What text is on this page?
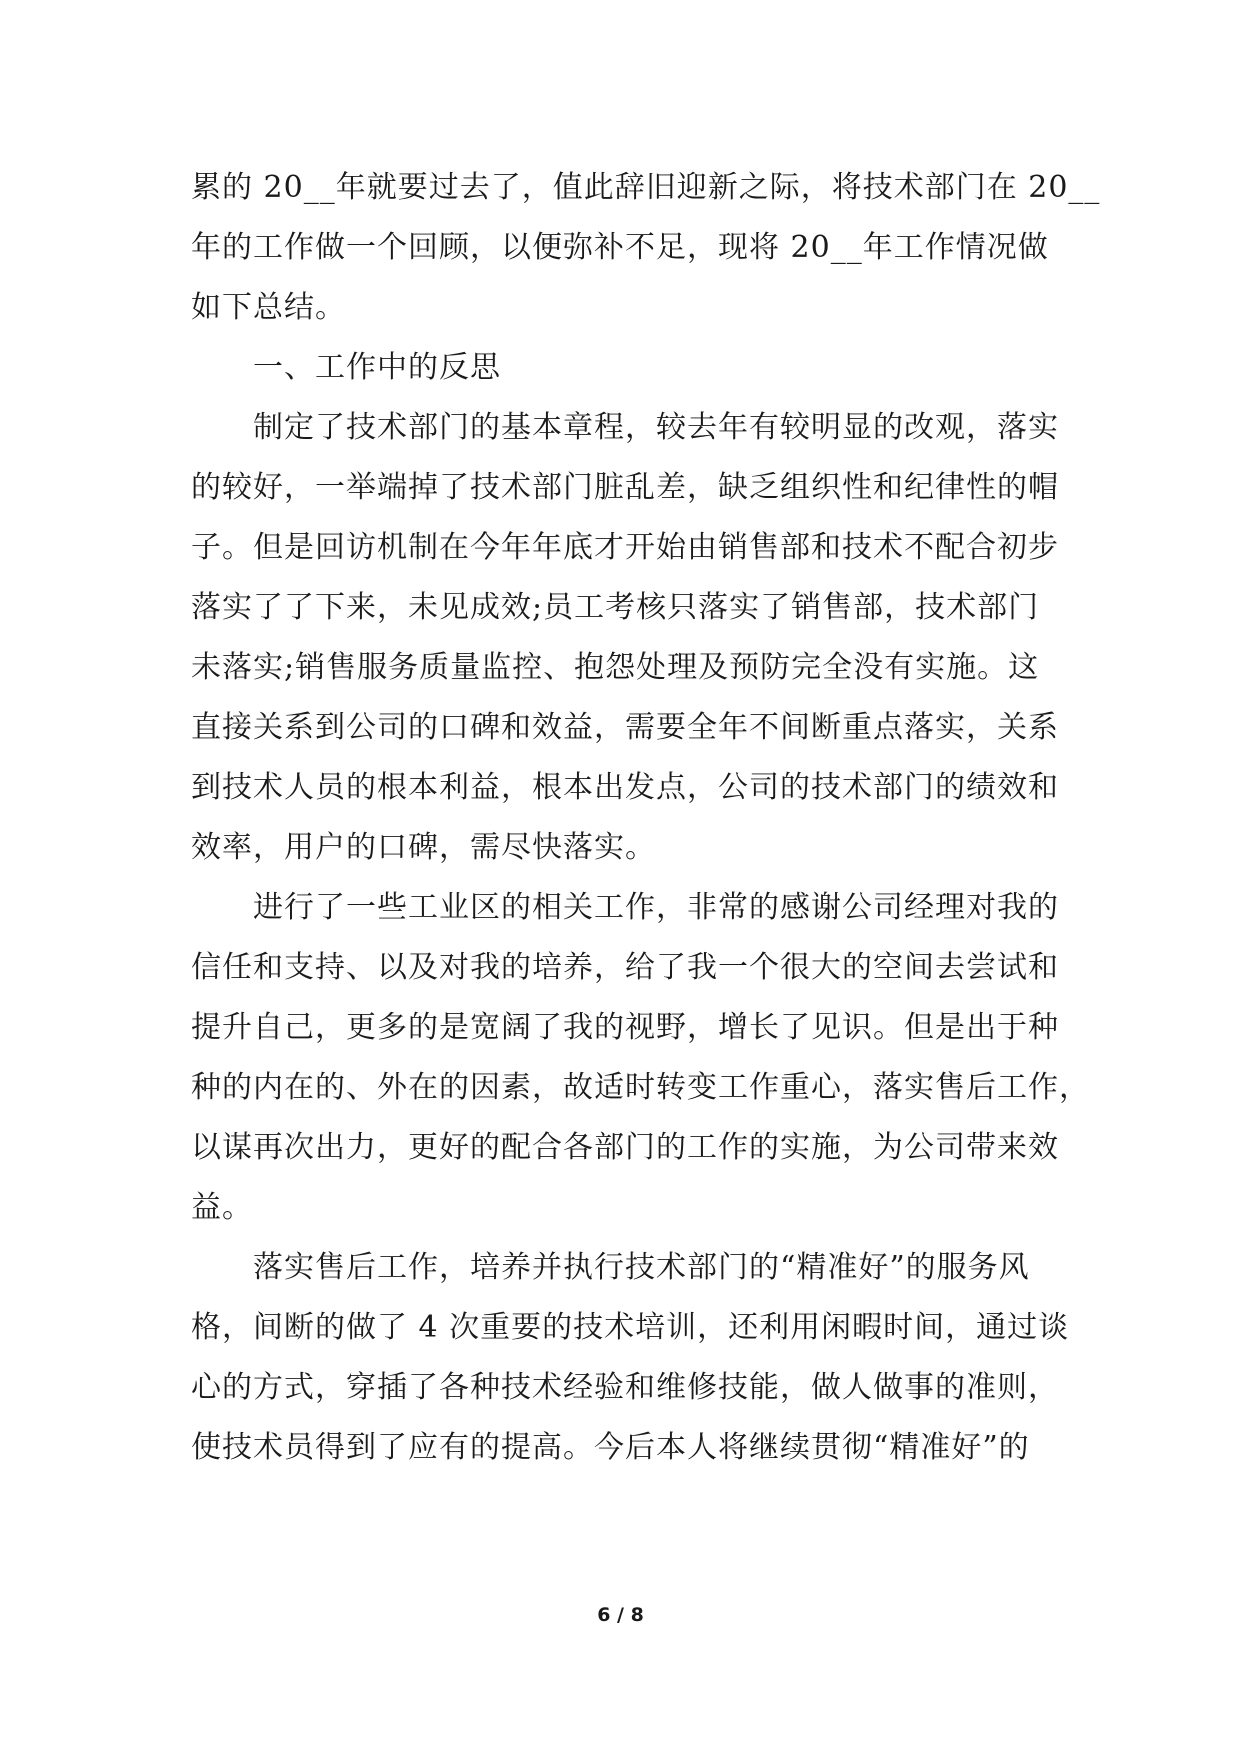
累的 20__年就要过去了，值此辞旧迎新之际，将技术部门在 20__
年的工作做一个回顾，以便弥补不足，现将 20__年工作情况做
如下总结。
一、工作中的反思
制定了技术部门的基本章程，较去年有较明显的改观，落实
的较好，一举端掉了技术部门脏乱差，缺乏组织性和纪律性的帽
子。但是回访机制在今年年底才开始由销售部和技术不配合初步
落实了了下来，未见成效;员工考核只落实了销售部，技术部门
未落实;销售服务质量监控、抱怨处理及预防完全没有实施。这
直接关系到公司的口碑和效益，需要全年不间断重点落实，关系
到技术人员的根本利益，根本出发点，公司的技术部门的绩效和
效率，用户的口碑，需尽快落实。
进行了一些工业区的相关工作，非常的感谢公司经理对我的
信任和支持、以及对我的培养，给了我一个很大的空间去尝试和
提升自己，更多的是宽阔了我的视野，增长了见识。但是出于种
种的内在的、外在的因素，故适时转变工作重心，落实售后工作，
以谋再次出力，更好的配合各部门的工作的实施，为公司带来效
益。
落实售后工作，培养并执行技术部门的“精准好”的服务风
格，间断的做了 4 次重要的技术培训，还利用闲暇时间，通过谈
心的方式，穿插了各种技术经验和维修技能，做人做事的准则，
使技术员得到了应有的提高。今后本人将继续贯彻“精准好”的
6 / 8
